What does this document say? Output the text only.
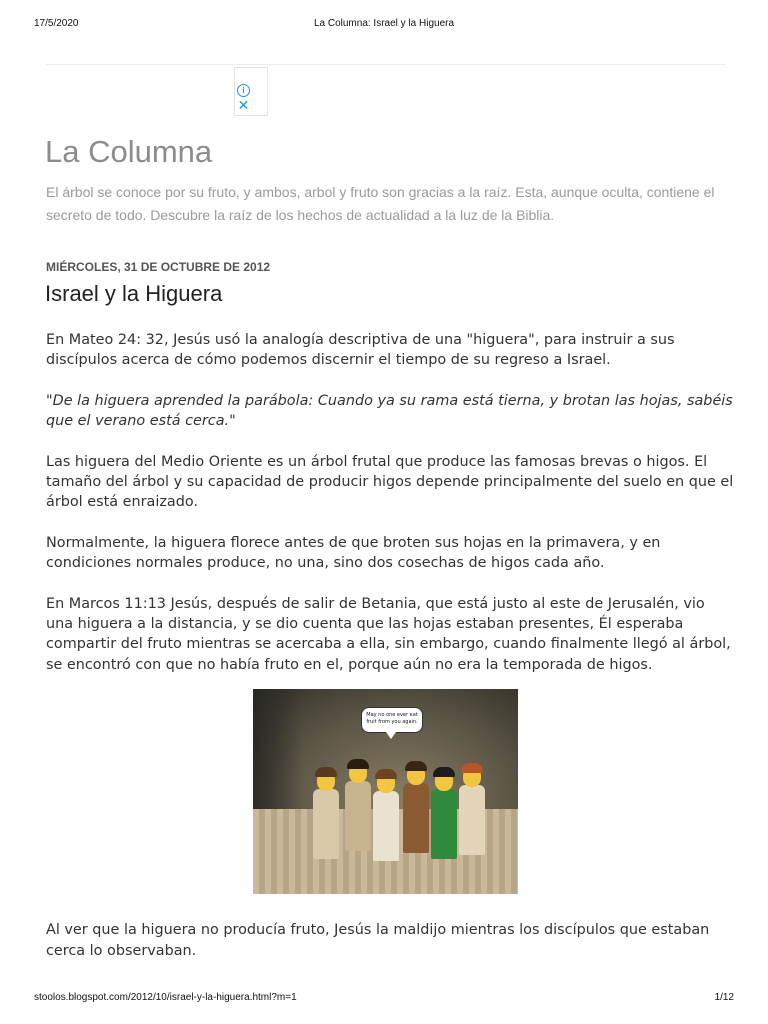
17/5/2020	La Columna: Israel y la Higuera
i
✕
La Columna

El árbol se conoce por su fruto, y ambos, arbol y fruto son gracias a la raíz. Esta, aunque oculta, contiene el secreto de todo. Descubre la raíz de los hechos de actualidad a la luz de la Biblia.

MIÉRCOLES, 31 DE OCTUBRE DE 2012
Israel y la Higuera

En Mateo 24: 32, Jesús usó la analogía descriptiva de una "higuera", para instruir a sus discípulos acerca de cómo podemos discernir el tiempo de su regreso a Israel.

"De la higuera aprended la parábola: Cuando ya su rama está tierna, y brotan las hojas, sabéis que el verano está cerca."

Las higuera del Medio Oriente es un árbol frutal que produce las famosas brevas o higos. El tamaño del árbol y su capacidad de producir higos depende principalmente del suelo en que el árbol está enraizado.

Normalmente, la higuera florece antes de que broten sus hojas en la primavera, y en condiciones normales produce, no una, sino dos cosechas de higos cada año.

En Marcos 11:13 Jesús, después de salir de Betania, que está justo al este de Jerusalén, vio una higuera a la distancia, y se dio cuenta que las hojas estaban presentes, Él esperaba compartir del fruto mientras se acercaba a ella, sin embargo, cuando finalmente llegó al árbol, se encontró con que no había fruto en el, porque aún no era la temporada de higos.

May no one ever eat fruit from you again.

Al ver que la higuera no producía fruto, Jesús la maldijo mientras los discípulos que estaban cerca lo observaban.

stoolos.blogspot.com/2012/10/israel-y-la-higuera.html?m=1	1/12
